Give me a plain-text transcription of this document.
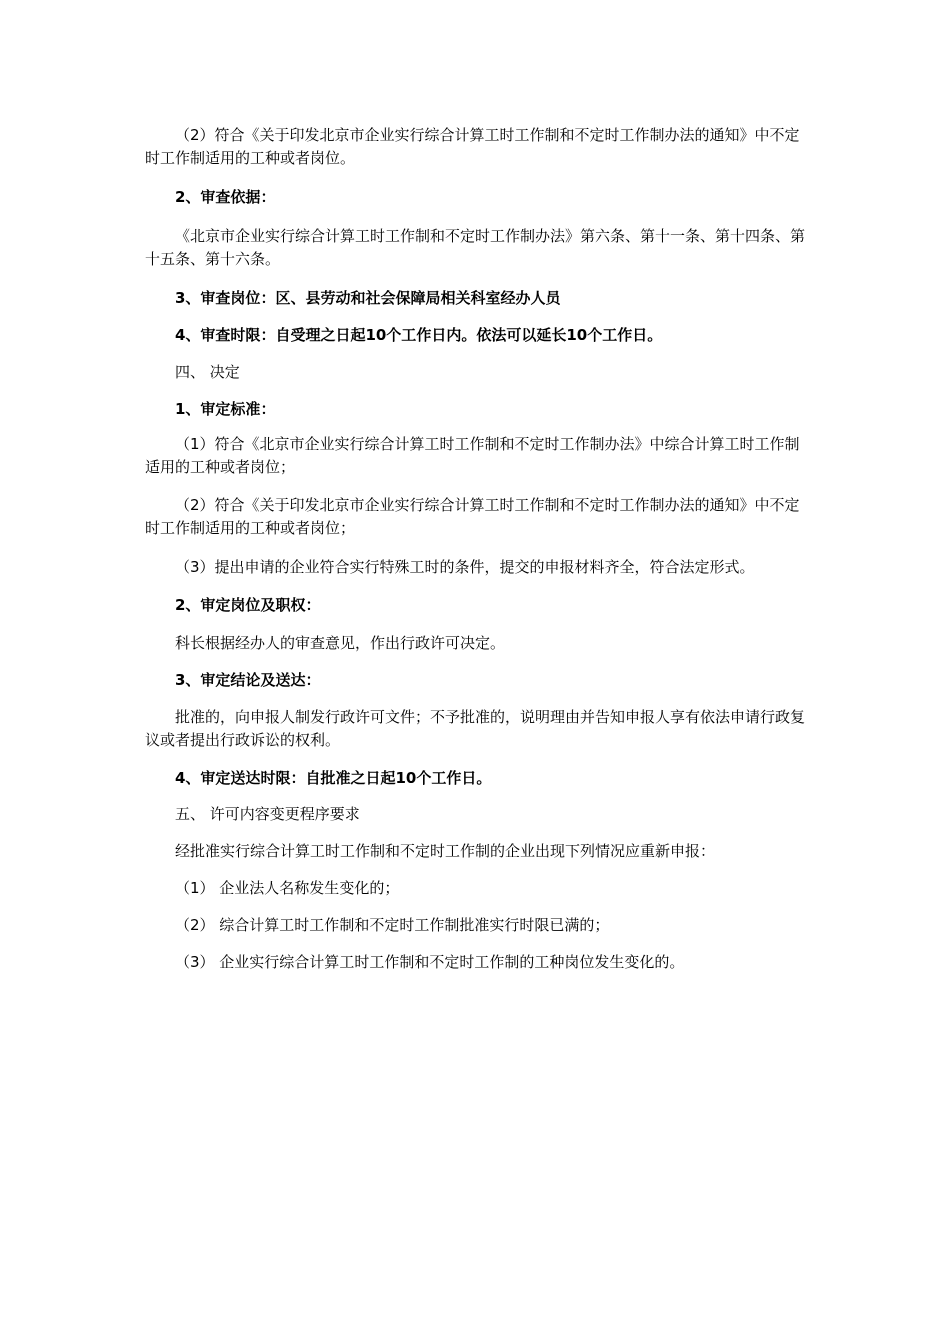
（2）符合《关于印发北京市企业实行综合计算工时工作制和不定时工作制办法的通知》中不定时工作制适用的工种或者岗位。

2、审查依据：

《北京市企业实行综合计算工时工作制和不定时工作制办法》第六条、第十一条、第十四条、第十五条、第十六条。

3、审查岗位：区、县劳动和社会保障局相关科室经办人员

4、审查时限：自受理之日起10个工作日内。依法可以延长10个工作日。

四、 决定

1、审定标准：

（1）符合《北京市企业实行综合计算工时工作制和不定时工作制办法》中综合计算工时工作制适用的工种或者岗位；

（2）符合《关于印发北京市企业实行综合计算工时工作制和不定时工作制办法的通知》中不定时工作制适用的工种或者岗位；

（3）提出申请的企业符合实行特殊工时的条件，提交的申报材料齐全，符合法定形式。

2、审定岗位及职权：

科长根据经办人的审查意见，作出行政许可决定。

3、审定结论及送达：

批准的，向申报人制发行政许可文件；不予批准的，说明理由并告知申报人享有依法申请行政复议或者提出行政诉讼的权利。

4、审定送达时限：自批准之日起10个工作日。

五、 许可内容变更程序要求

经批准实行综合计算工时工作制和不定时工作制的企业出现下列情况应重新申报：

（1） 企业法人名称发生变化的；

（2） 综合计算工时工作制和不定时工作制批准实行时限已满的；

（3） 企业实行综合计算工时工作制和不定时工作制的工种岗位发生变化的。
